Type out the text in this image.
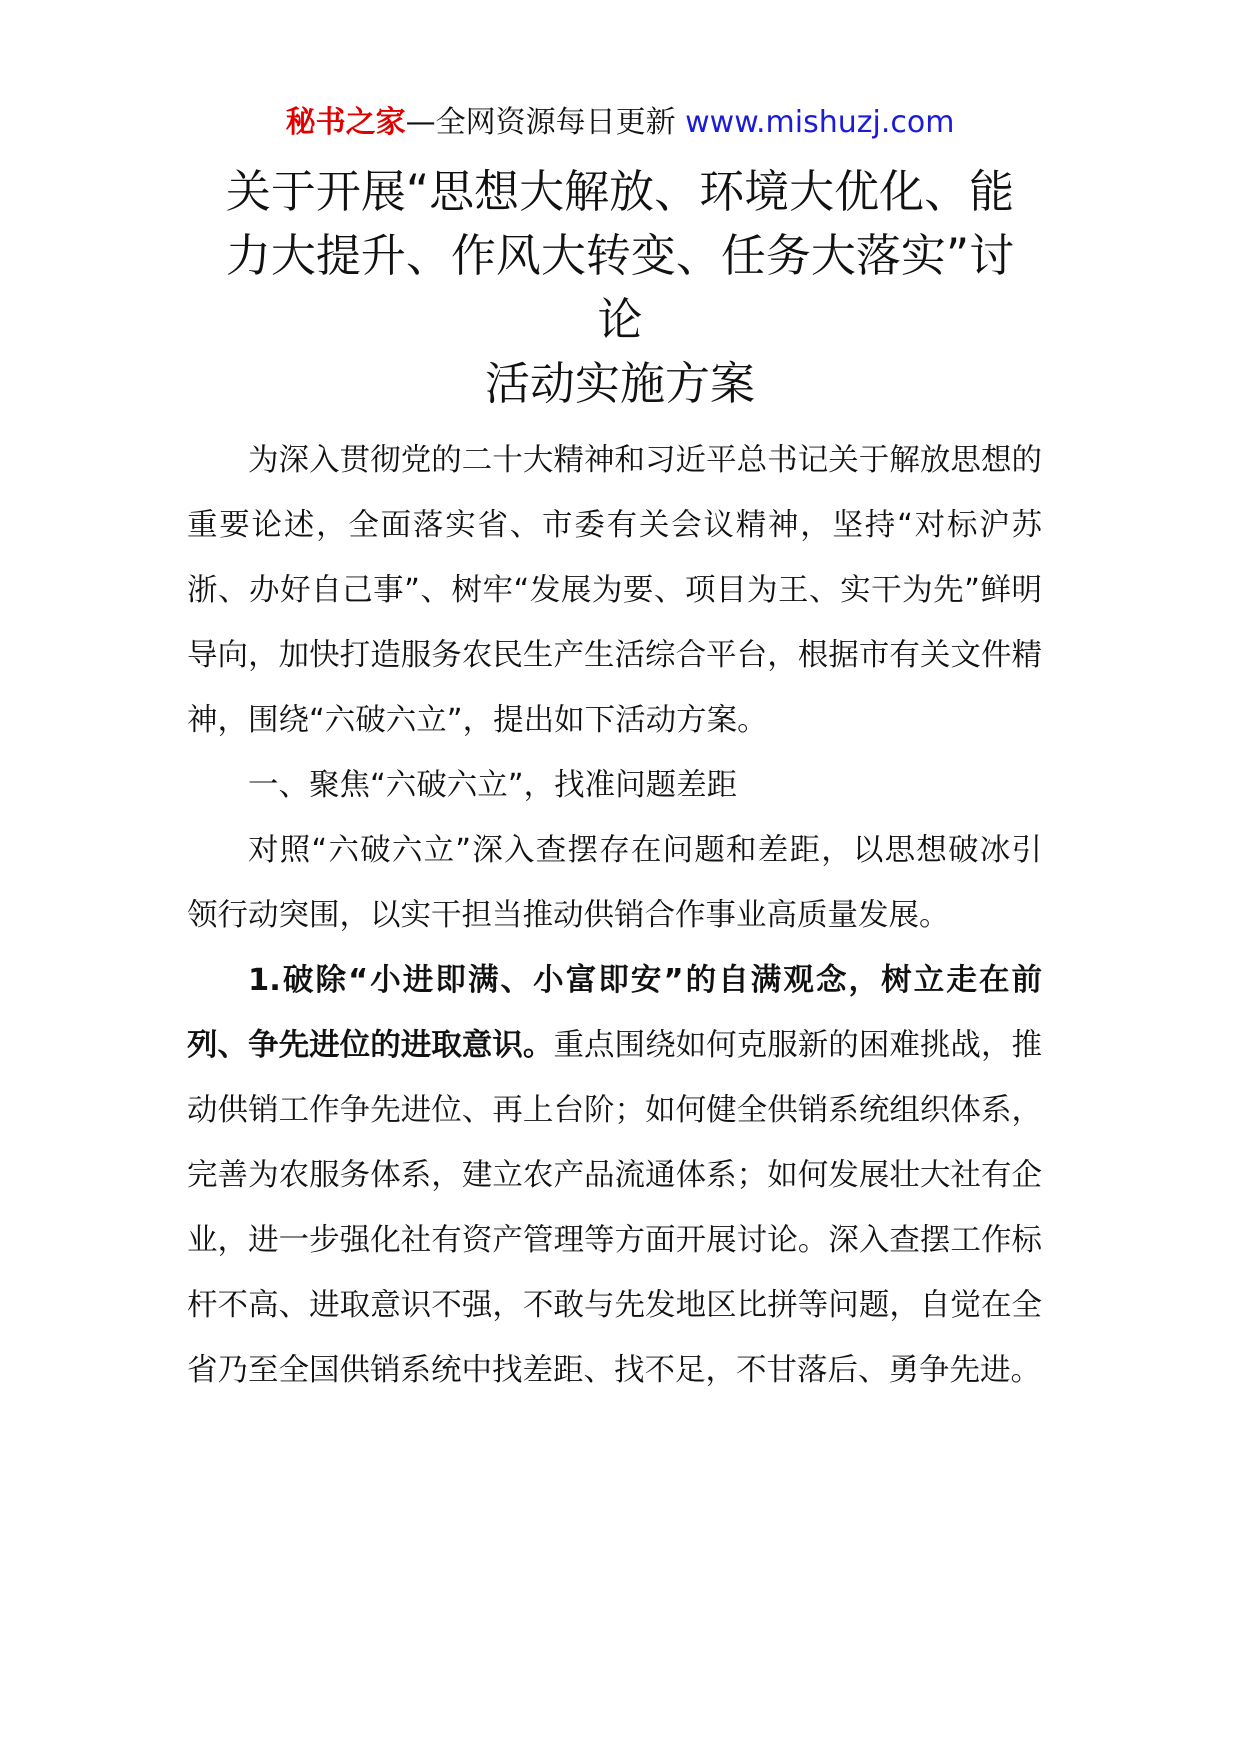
秘书之家—全网资源每日更新 www.mishuzj.com
关于开展“思想大解放、环境大优化、能
力大提升、作风大转变、任务大落实”讨
论
活动实施方案

为深入贯彻党的二十大精神和习近平总书记关于解放思想的重要论述，全面落实省、市委有关会议精神，坚持“对标沪苏浙、办好自己事”、树牢“发展为要、项目为王、实干为先”鲜明导向，加快打造服务农民生产生活综合平台，根据市有关文件精神，围绕“六破六立”，提出如下活动方案。

一、聚焦“六破六立”，找准问题差距

对照“六破六立”深入查摆存在问题和差距，以思想破冰引领行动突围，以实干担当推动供销合作事业高质量发展。

1.破除“小进即满、小富即安”的自满观念，树立走在前列、争先进位的进取意识。重点围绕如何克服新的困难挑战，推动供销工作争先进位、再上台阶；如何健全供销系统组织体系，完善为农服务体系，建立农产品流通体系；如何发展壮大社有企业，进一步强化社有资产管理等方面开展讨论。深入查摆工作标杆不高、进取意识不强，不敢与先发地区比拼等问题，自觉在全省乃至全国供销系统中找差距、找不足，不甘落后、勇争先进。
